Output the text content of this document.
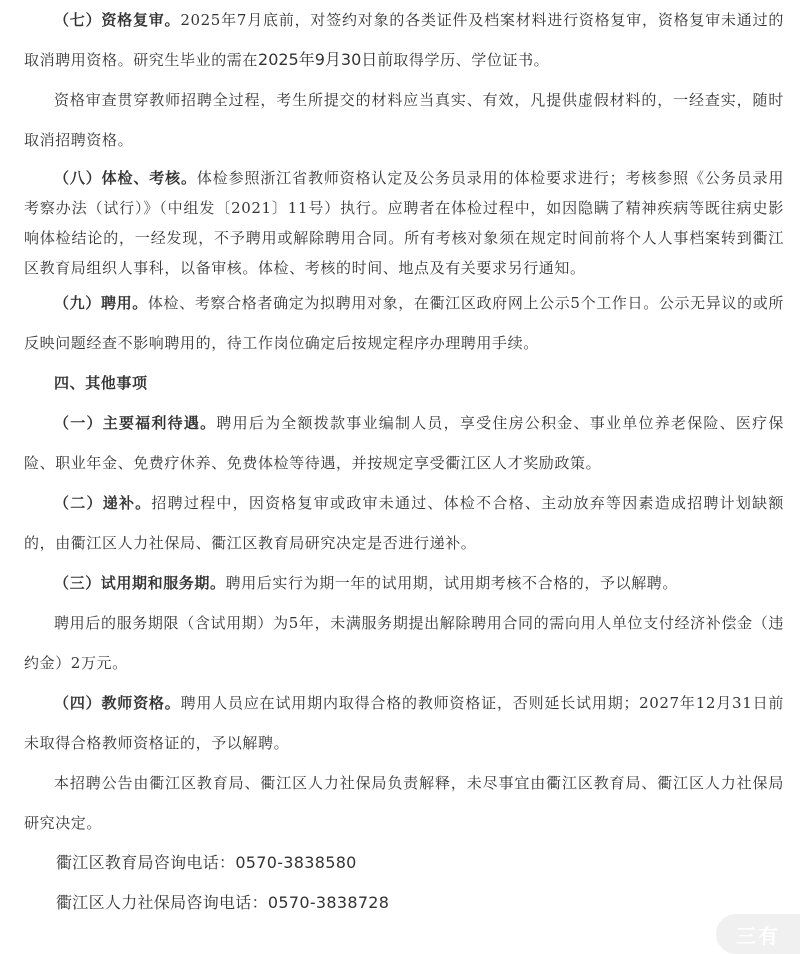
（七）资格复审。2025年7月底前，对签约对象的各类证件及档案材料进行资格复审，资格复审未通过的取消聘用资格。研究生毕业的需在2025年9月30日前取得学历、学位证书。

资格审查贯穿教师招聘全过程，考生所提交的材料应当真实、有效，凡提供虚假材料的，一经查实，随时取消招聘资格。

（八）体检、考核。体检参照浙江省教师资格认定及公务员录用的体检要求进行；考核参照《公务员录用考察办法（试行）》（中组发〔2021〕11号）执行。应聘者在体检过程中，如因隐瞒了精神疾病等既往病史影响体检结论的，一经发现，不予聘用或解除聘用合同。所有考核对象须在规定时间前将个人人事档案转到衢江区教育局组织人事科，以备审核。体检、考核的时间、地点及有关要求另行通知。

（九）聘用。体检、考察合格者确定为拟聘用对象，在衢江区政府网上公示5个工作日。公示无异议的或所反映问题经查不影响聘用的，待工作岗位确定后按规定程序办理聘用手续。

四、其他事项

（一）主要福利待遇。聘用后为全额拨款事业编制人员，享受住房公积金、事业单位养老保险、医疗保险、职业年金、免费疗休养、免费体检等待遇，并按规定享受衢江区人才奖励政策。

（二）递补。招聘过程中，因资格复审或政审未通过、体检不合格、主动放弃等因素造成招聘计划缺额的，由衢江区人力社保局、衢江区教育局研究决定是否进行递补。

（三）试用期和服务期。聘用后实行为期一年的试用期，试用期考核不合格的，予以解聘。

聘用后的服务期限（含试用期）为5年，未满服务期提出解除聘用合同的需向用人单位支付经济补偿金（违约金）2万元。

（四）教师资格。聘用人员应在试用期内取得合格的教师资格证，否则延长试用期；2027年12月31日前未取得合格教师资格证的，予以解聘。

本招聘公告由衢江区教育局、衢江区人力社保局负责解释，未尽事宜由衢江区教育局、衢江区人力社保局研究决定。

衢江区教育局咨询电话：0570-3838580

衢江区人力社保局咨询电话：0570-3838728

三有
